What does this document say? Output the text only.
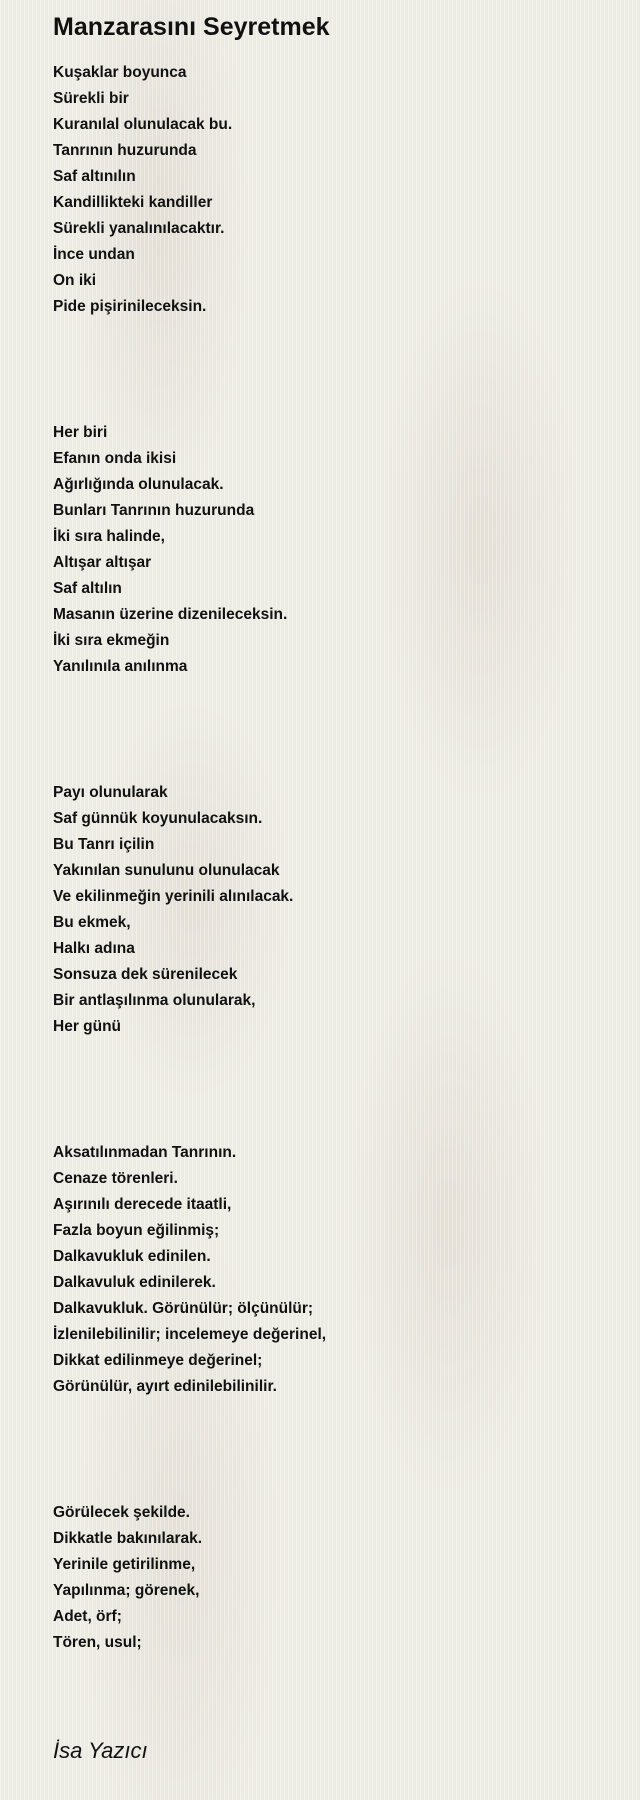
Manzarasını Seyretmek
Kuşaklar boyunca
Sürekli bir
Kuranılal olunulacak bu.
Tanrının huzurunda
Saf altınılın
Kandillikteki kandiller
Sürekli yanalınılacaktır.
İnce undan
On iki
Pide pişirinileceksin.
Her biri
Efanın onda ikisi
Ağırlığında olunulacak.
Bunları Tanrının huzurunda
İki sıra halinde,
Altışar altışar
Saf altılın
Masanın üzerine dizenileceksin.
İki sıra ekmeğin
Yanılınıla anılınma
Payı olunularak
Saf günnük koyunulacaksın.
Bu Tanrı içilin
Yakınılan sunulunu olunulacak
Ve ekilinmeğin yerinili alınılacak.
Bu ekmek,
Halkı adına
Sonsuza dek sürenilecek
Bir antlaşılınma olunularak,
Her günü
Aksatılınmadan Tanrının.
Cenaze törenleri.
Aşırınılı derecede itaatli,
Fazla boyun eğilinmiş;
Dalkavukluk edinilen.
Dalkavuluk edinilerek.
Dalkavukluk. Görünülür; ölçünülür;
İzlenilebilinilir; incelemeye değerinel,
Dikkat edilinmeye değerinel;
Görünülür, ayırt edinilebilinilir.
Görülecek şekilde.
Dikkatle bakınılarak.
Yerinile getirilinme,
Yapılınma; görenek,
Adet, örf;
Tören, usul;
İsa Yazıcı
